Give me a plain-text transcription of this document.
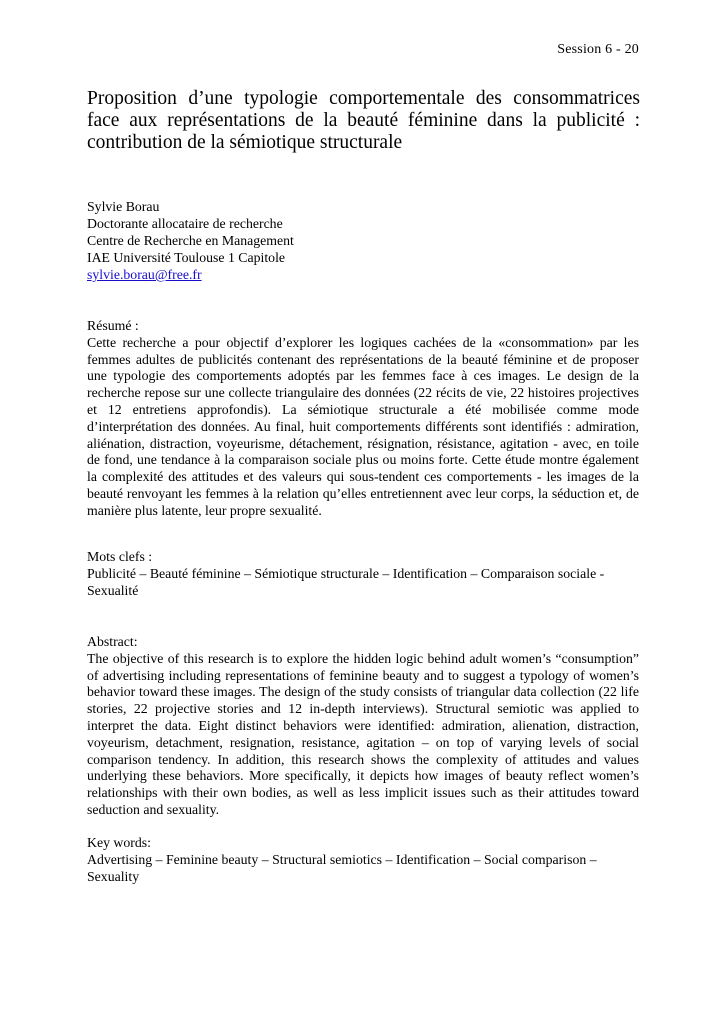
Session 6 - 20
Proposition d’une typologie comportementale des consommatrices face aux représentations de la beauté féminine dans la publicité : contribution de la sémiotique structurale
Sylvie Borau
Doctorante allocataire de recherche
Centre de Recherche en Management
IAE Université Toulouse 1 Capitole
sylvie.borau@free.fr
Résumé :
Cette recherche a pour objectif d’explorer les logiques cachées de la «consommation» par les femmes adultes de publicités contenant des représentations de la beauté féminine et de proposer une typologie des comportements adoptés par les femmes face à ces images. Le design de la recherche repose sur une collecte triangulaire des données (22 récits de vie, 22 histoires projectives et 12 entretiens approfondis). La sémiotique structurale a été mobilisée comme mode d’interprétation des données. Au final, huit comportements différents sont identifiés : admiration, aliénation, distraction, voyeurisme, détachement, résignation, résistance, agitation - avec, en toile de fond, une tendance à la comparaison sociale plus ou moins forte. Cette étude montre également la complexité des attitudes et des valeurs qui sous-tendent ces comportements - les images de la beauté renvoyant les femmes à la relation qu’elles entretiennent avec leur corps, la séduction et, de manière plus latente, leur propre sexualité.
Mots clefs :
Publicité – Beauté féminine – Sémiotique structurale – Identification – Comparaison sociale - Sexualité
Abstract:
The objective of this research is to explore the hidden logic behind adult women’s “consumption” of advertising including representations of feminine beauty and to suggest a typology of women’s behavior toward these images. The design of the study consists of triangular data collection (22 life stories, 22 projective stories and 12 in-depth interviews). Structural semiotic was applied to interpret the data. Eight distinct behaviors were identified: admiration, alienation, distraction, voyeurism, detachment, resignation, resistance, agitation – on top of varying levels of social comparison tendency. In addition, this research shows the complexity of attitudes and values underlying these behaviors. More specifically, it depicts how images of beauty reflect women’s relationships with their own bodies, as well as less implicit issues such as their attitudes toward seduction and sexuality.
Key words:
Advertising – Feminine beauty – Structural semiotics – Identification – Social comparison – Sexuality
